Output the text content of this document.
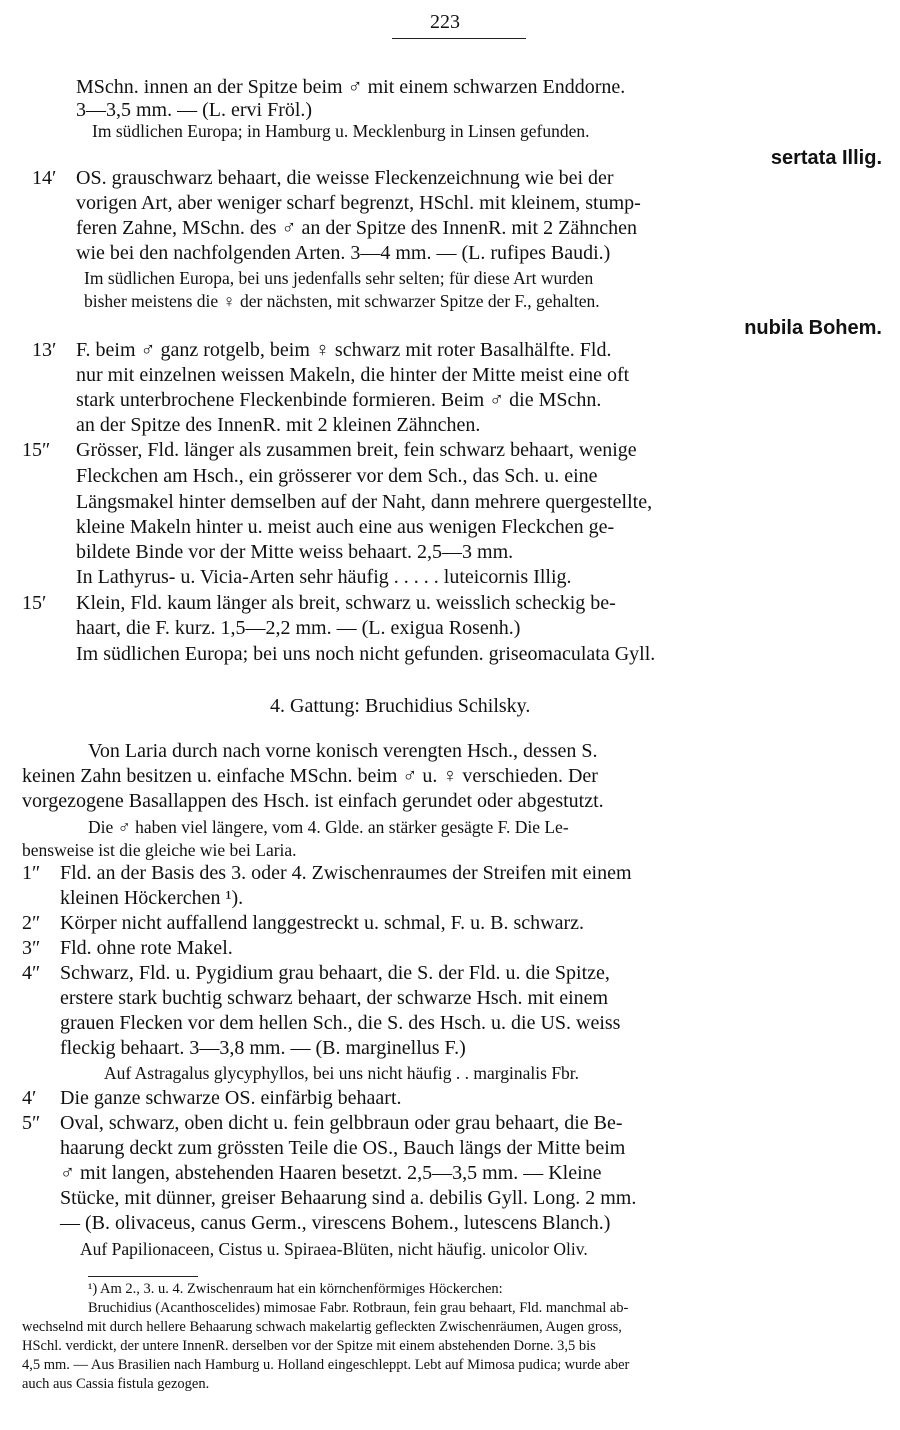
223
MSchn. innen an der Spitze beim ♂ mit einem schwarzen Enddorne.
3—3,5 mm. — (L. ervi Fröl.)
Im südlichen Europa; in Hamburg u. Mecklenburg in Linsen gefunden.
sertata Illig.
14′ OS. grauschwarz behaart, die weisse Fleckenzeichnung wie bei der
vorigen Art, aber weniger scharf begrenzt, HSchl. mit kleinem, stump-
feren Zahne, MSchn. des ♂ an der Spitze des InnenR. mit 2 Zähnchen
wie bei den nachfolgenden Arten. 3—4 mm. — (L. rufipes Baudi.)
Im südlichen Europa, bei uns jedenfalls sehr selten; für diese Art wurden
bisher meistens die ♀ der nächsten, mit schwarzer Spitze der F., gehalten.
nubila Bohem.
13′ F. beim ♂ ganz rotgelb, beim ♀ schwarz mit roter Basalhälfte. Fld.
nur mit einzelnen weissen Makeln, die hinter der Mitte meist eine oft
stark unterbrochene Fleckenbinde formieren. Beim ♂ die MSchn.
an der Spitze des InnenR. mit 2 kleinen Zähnchen.
15″ Grösser, Fld. länger als zusammen breit, fein schwarz behaart, wenige
Fleckchen am Hsch., ein grösserer vor dem Sch., das Sch. u. eine
Längsmakel hinter demselben auf der Naht, dann mehrere quergestellte,
kleine Makeln hinter u. meist auch eine aus wenigen Fleckchen ge-
bildete Binde vor der Mitte weiss behaart. 2,5—3 mm.
In Lathyrus- u. Vicia-Arten sehr häufig . . . . . luteicornis Illig.
15′ Klein, Fld. kaum länger als breit, schwarz u. weisslich scheckig be-
haart, die F. kurz. 1,5—2,2 mm. — (L. exigua Rosenh.)
Im südlichen Europa; bei uns noch nicht gefunden. griseomaculata Gyll.
4. Gattung: Bruchidius Schilsky.
Von Laria durch nach vorne konisch verengten Hsch., dessen S.
keinen Zahn besitzen u. einfache MSchn. beim ♂ u. ♀ verschieden. Der
vorgezogene Basallappen des Hsch. ist einfach gerundet oder abgestutzt.
Die ♂ haben viel längere, vom 4. Glde. an stärker gesägte F. Die Le-
bensweise ist die gleiche wie bei Laria.
1″ Fld. an der Basis des 3. oder 4. Zwischenraumes der Streifen mit einem
kleinen Höckerchen ¹).
2″ Körper nicht auffallend langgestreckt u. schmal, F. u. B. schwarz.
3″ Fld. ohne rote Makel.
4″ Schwarz, Fld. u. Pygidium grau behaart, die S. der Fld. u. die Spitze,
erstere stark buchtig schwarz behaart, der schwarze Hsch. mit einem
grauen Flecken vor dem hellen Sch., die S. des Hsch. u. die US. weiss
fleckig behaart. 3—3,8 mm. — (B. marginellus F.)
Auf Astragalus glycyphyllos, bei uns nicht häufig . . marginalis Fbr.
4′ Die ganze schwarze OS. einfärbig behaart.
5″ Oval, schwarz, oben dicht u. fein gelbbraun oder grau behaart, die Be-
haarung deckt zum grössten Teile die OS., Bauch längs der Mitte beim
♂ mit langen, abstehenden Haaren besetzt. 2,5—3,5 mm. — Kleine
Stücke, mit dünner, greiser Behaarung sind a. debilis Gyll. Long. 2 mm.
— (B. olivaceus, canus Germ., virescens Bohem., lutescens Blanch.)
Auf Papilionaceen, Cistus u. Spiraea-Blüten, nicht häufig. unicolor Oliv.
¹) Am 2., 3. u. 4. Zwischenraum hat ein körnchenförmiges Höckerchen:
Bruchidius (Acanthoscelides) mimosae Fabr. Rotbraun, fein grau behaart, Fld. manchmal ab-
wechselnd mit durch hellere Behaarung schwach makelartig gefleckten Zwischenräumen, Augen gross,
HSchl. verdickt, der untere InnenR. derselben vor der Spitze mit einem abstehenden Dorne. 3,5 bis
4,5 mm. — Aus Brasilien nach Hamburg u. Holland eingeschleppt. Lebt auf Mimosa pudica; wurde aber
auch aus Cassia fistula gezogen.
